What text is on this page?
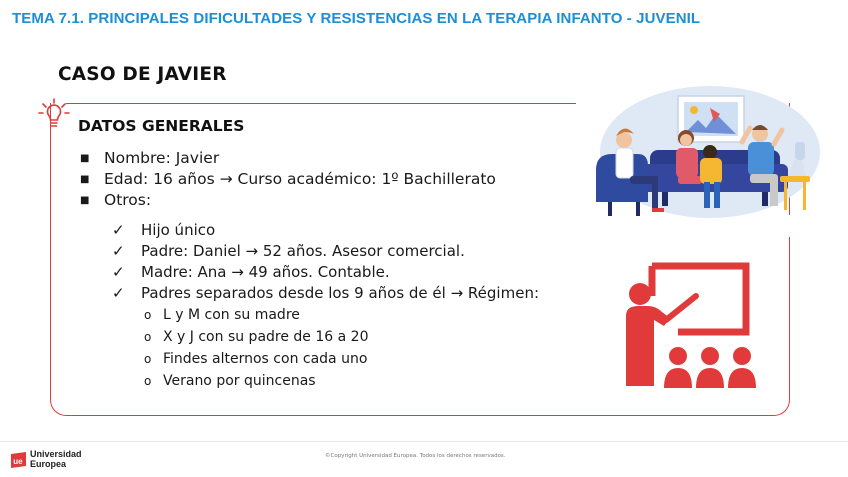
TEMA 7.1. PRINCIPALES DIFICULTADES Y RESISTENCIAS EN LA TERAPIA INFANTO - JUVENIL
CASO DE JAVIER
DATOS GENERALES
■ Nombre: Javier
■ Edad: 16 años → Curso académico: 1º Bachillerato
■ Otros:
✓ Hijo único
✓ Padre: Daniel → 52 años. Asesor comercial.
✓ Madre: Ana → 49 años. Contable.
✓ Padres separados desde los 9 años de él → Régimen:
o L y M con su madre
o X y J con su padre de 16 a 20
o Findes alternos con cada uno
o Verano por quincenas
ue
Universidad
Europea
©Copyright Universidad Europea. Todos los derechos reservados.
